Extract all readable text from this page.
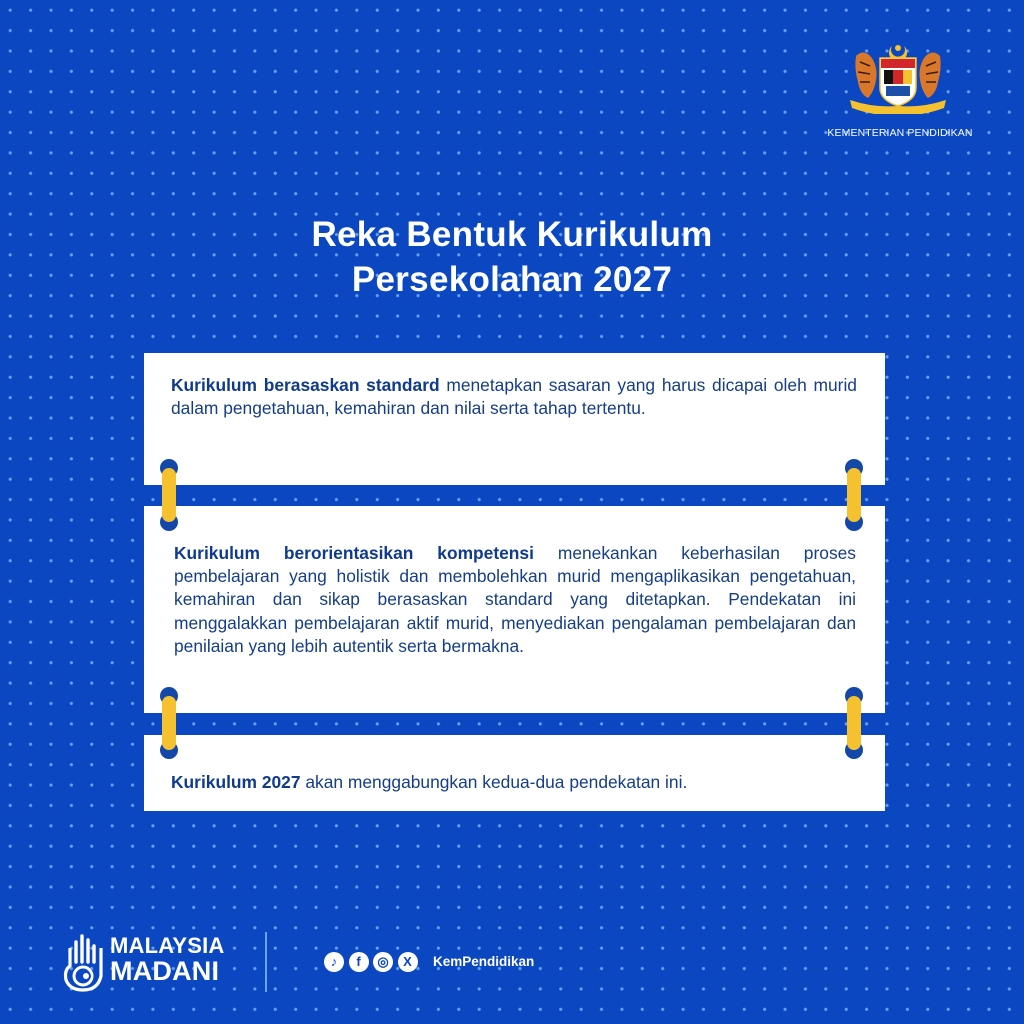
KEMENTERIAN PENDIDIKAN
Reka Bentuk Kurikulum
Persekolahan 2027
Kurikulum berasaskan standard menetapkan sasaran yang harus dicapai oleh murid dalam pengetahuan, kemahiran dan nilai serta tahap tertentu.
Kurikulum berorientasikan kompetensi menekankan keberhasilan proses pembelajaran yang holistik dan membolehkan murid mengaplikasikan pengetahuan, kemahiran dan sikap berasaskan standard yang ditetapkan. Pendekatan ini menggalakkan pembelajaran aktif murid, menyediakan pengalaman pembelajaran dan penilaian yang lebih autentik serta bermakna.
Kurikulum 2027 akan menggabungkan kedua-dua pendekatan ini.
MALAYSIA
MADANI	♪	f	◎	X	KemPendidikan
